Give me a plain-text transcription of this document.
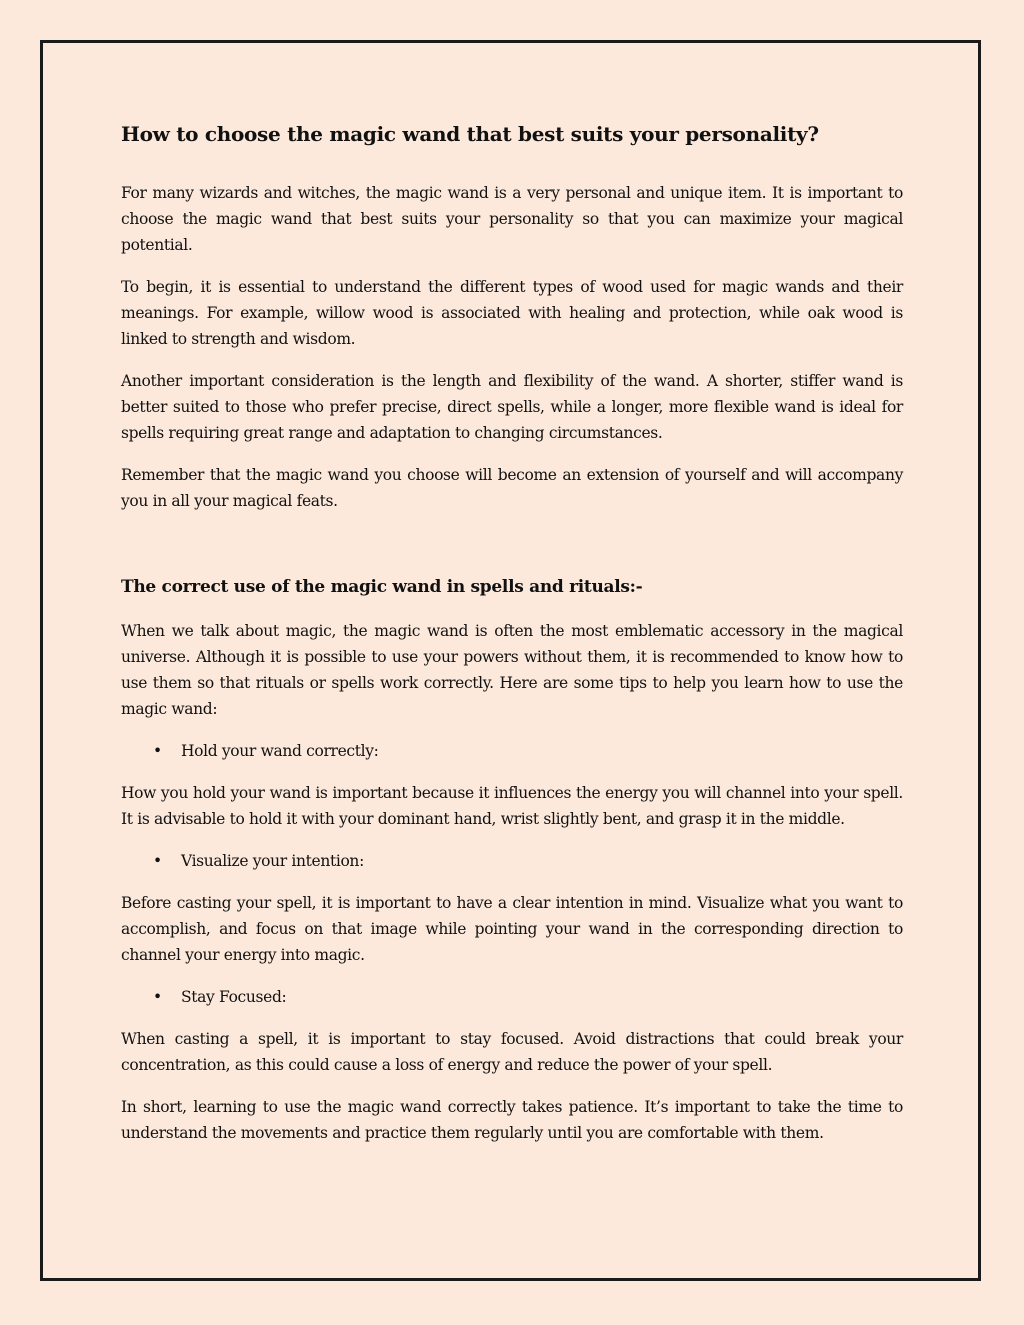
How to choose the magic wand that best suits your personality?

For many wizards and witches, the magic wand is a very personal and unique item. It is important to choose the magic wand that best suits your personality so that you can maximize your magical potential.

To begin, it is essential to understand the different types of wood used for magic wands and their meanings. For example, willow wood is associated with healing and protection, while oak wood is linked to strength and wisdom.

Another important consideration is the length and flexibility of the wand. A shorter, stiffer wand is better suited to those who prefer precise, direct spells, while a longer, more flexible wand is ideal for spells requiring great range and adaptation to changing circumstances.

Remember that the magic wand you choose will become an extension of yourself and will accompany you in all your magical feats.

The correct use of the magic wand in spells and rituals:-

When we talk about magic, the magic wand is often the most emblematic accessory in the magical universe. Although it is possible to use your powers without them, it is recommended to know how to use them so that rituals or spells work correctly. Here are some tips to help you learn how to use the magic wand:

• Hold your wand correctly:

How you hold your wand is important because it influences the energy you will channel into your spell. It is advisable to hold it with your dominant hand, wrist slightly bent, and grasp it in the middle.

• Visualize your intention:

Before casting your spell, it is important to have a clear intention in mind. Visualize what you want to accomplish, and focus on that image while pointing your wand in the corresponding direction to channel your energy into magic.

• Stay Focused:

When casting a spell, it is important to stay focused. Avoid distractions that could break your concentration, as this could cause a loss of energy and reduce the power of your spell.

In short, learning to use the magic wand correctly takes patience. It’s important to take the time to understand the movements and practice them regularly until you are comfortable with them.
